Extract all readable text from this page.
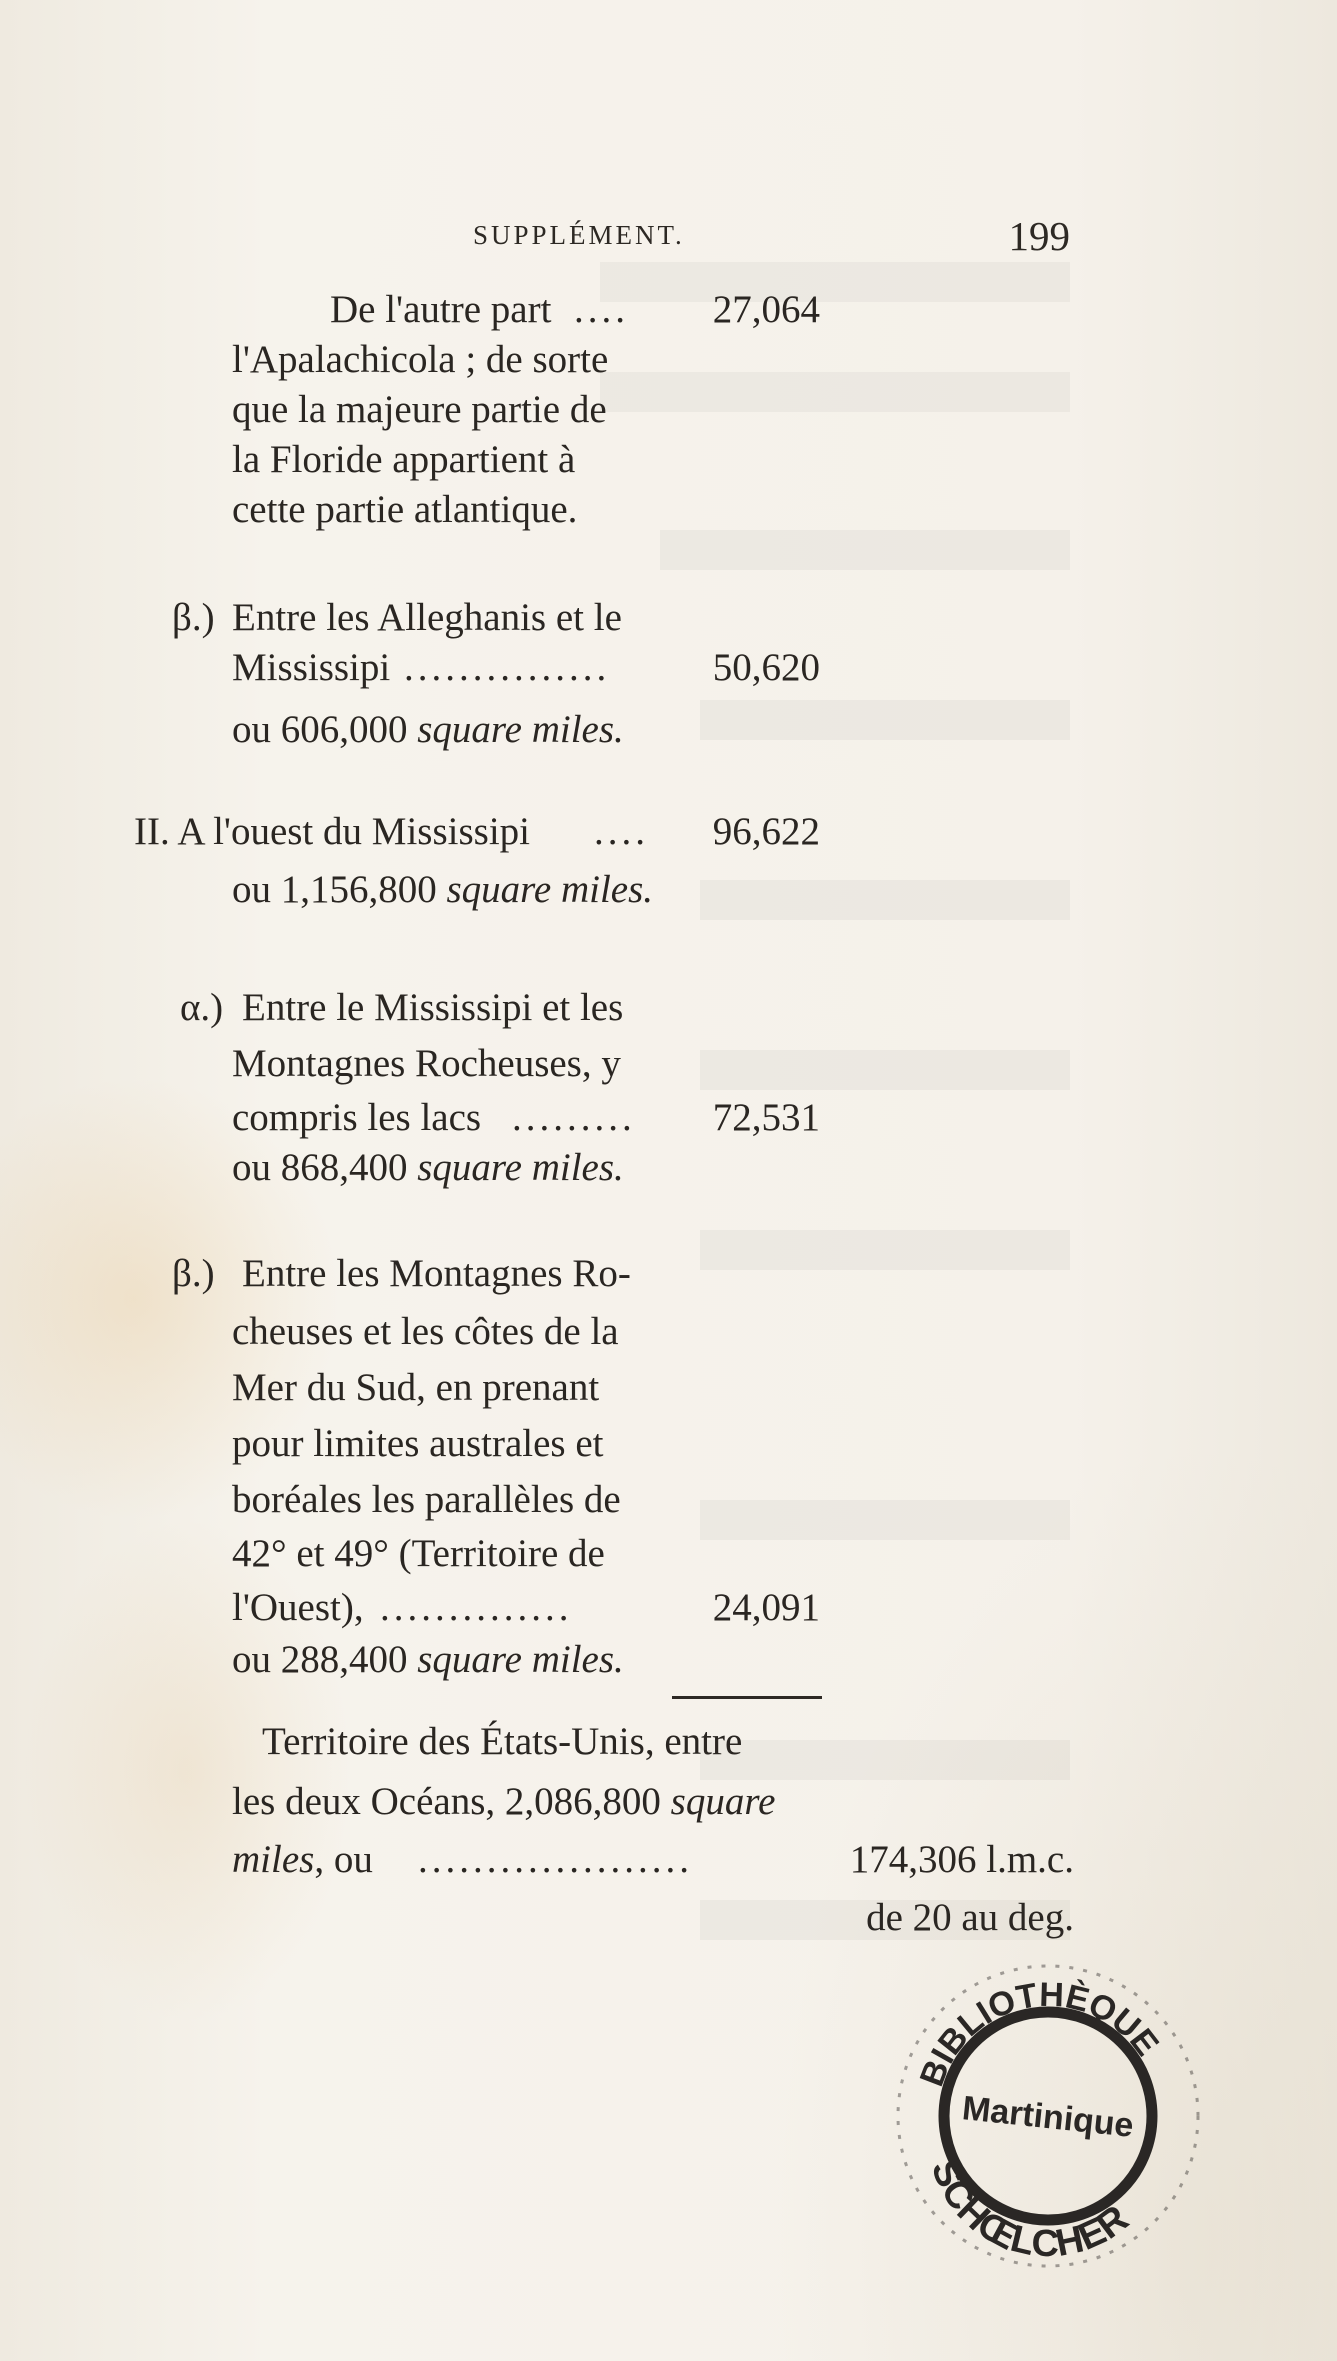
SUPPLÉMENT.	199
De l'autre part ....	27,064
l'Apalachicola ; de sorte
que la majeure partie de
la Floride appartient à
cette partie atlantique.
β.) Entre les Alleghanis et le
Mississipi ...............	50,620
ou 606,000 square miles.
II. A l'ouest du Mississipi ....	96,622
ou 1,156,800 square miles.
α.) Entre le Mississipi et les
Montagnes Rocheuses, y
compris les lacs .........	72,531
ou 868,400 square miles.
β.) Entre les Montagnes Ro-
cheuses et les côtes de la
Mer du Sud, en prenant
pour limites australes et
boréales les parallèles de
42° et 49° (Territoire de
l'Ouest), ..............	24,091
ou 288,400 square miles.
Territoire des États-Unis, entre
les deux Océans, 2,086,800 square
miles, ou ....................	174,306 l.m.c.
de 20 au deg.
BIBLIOTHÈQUE
Martinique
SCHŒLCHER
